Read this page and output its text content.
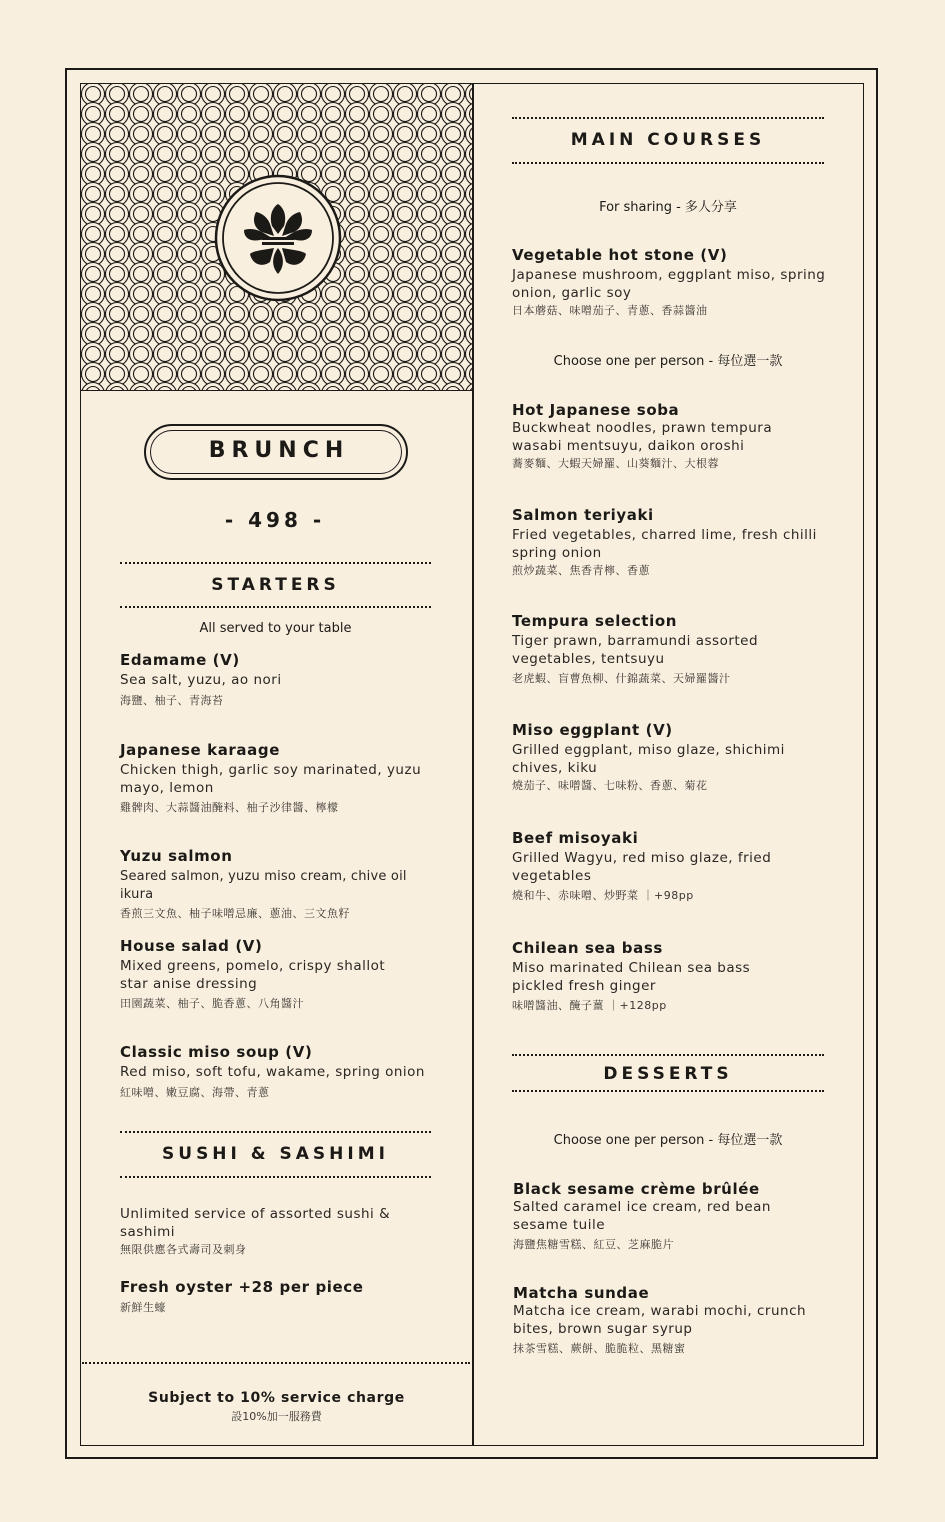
BRUNCH
- 498 -
STARTERS
All served to your table
Edamame (V)
Sea salt, yuzu, ao nori
海鹽、柚子、青海苔
Japanese karaage
Chicken thigh, garlic soy marinated, yuzu mayo, lemon
雞髀肉、大蒜醬油醃料、柚子沙律醬、檸檬
Yuzu salmon
Seared salmon, yuzu miso cream, chive oil ikura
香煎三文魚、柚子味噌忌廉、蔥油、三文魚籽
House salad (V)
Mixed greens, pomelo, crispy shallot star anise dressing
田園蔬菜、柚子、脆香蔥、八角醬汁
Classic miso soup (V)
Red miso, soft tofu, wakame, spring onion
紅味噌、嫩豆腐、海帶、青蔥
SUSHI & SASHIMI
Unlimited service of assorted sushi & sashimi
無限供應各式壽司及刺身
Fresh oyster +28 per piece
新鮮生蠔
Subject to 10% service charge
設10%加一服務費
MAIN COURSES
For sharing - 多人分享
Vegetable hot stone (V)
Japanese mushroom, eggplant miso, spring onion, garlic soy
日本蘑菇、味噌茄子、青蔥、香蒜醬油
Choose one per person - 每位選一款
Hot Japanese soba
Buckwheat noodles, prawn tempura wasabi mentsuyu, daikon oroshi
蕎麥麵、大蝦天婦羅、山葵麵汁、大根蓉
Salmon teriyaki
Fried vegetables, charred lime, fresh chilli spring onion
煎炒蔬菜、焦香青檸、香蔥
Tempura selection
Tiger prawn, barramundi assorted vegetables, tentsuyu
老虎蝦、盲曹魚柳、什錦蔬菜、天婦羅醬汁
Miso eggplant (V)
Grilled eggplant, miso glaze, shichimi chives, kiku
燒茄子、味噌醬、七味粉、香蔥、菊花
Beef misoyaki
Grilled Wagyu, red miso glaze, fried vegetables
燒和牛、赤味噌、炒野菜 ｜+98pp
Chilean sea bass
Miso marinated Chilean sea bass pickled fresh ginger
味噌醬油、醃子薑 ｜+128pp
DESSERTS
Choose one per person - 每位選一款
Black sesame crème brûlée
Salted caramel ice cream, red bean sesame tuile
海鹽焦糖雪糕、紅豆、芝麻脆片
Matcha sundae
Matcha ice cream, warabi mochi, crunch bites, brown sugar syrup
抹茶雪糕、蕨餅、脆脆粒、黑糖蜜
